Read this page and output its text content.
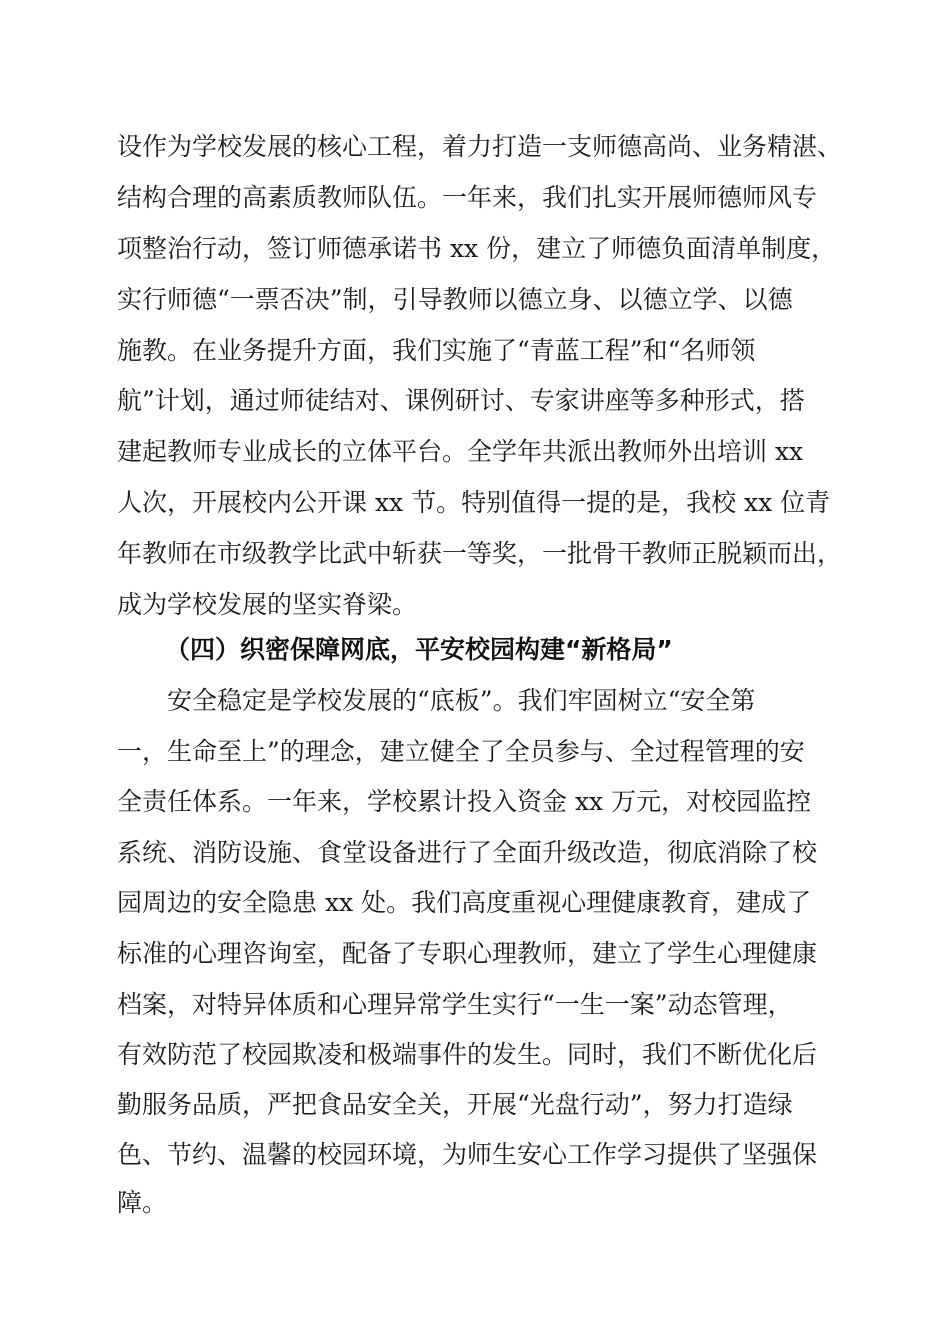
设作为学校发展的核心工程，着力打造一支师德高尚、业务精湛、

结构合理的高素质教师队伍。一年来，我们扎实开展师德师风专

项整治行动，签订师德承诺书 xx 份，建立了师德负面清单制度，

实行师德“一票否决”制，引导教师以德立身、以德立学、以德

施教。在业务提升方面，我们实施了“青蓝工程”和“名师领

航”计划，通过师徒结对、课例研讨、专家讲座等多种形式，搭

建起教师专业成长的立体平台。全学年共派出教师外出培训 xx

人次，开展校内公开课 xx 节。特别值得一提的是，我校 xx 位青

年教师在市级教学比武中斩获一等奖，一批骨干教师正脱颖而出，

成为学校发展的坚实脊梁。

（四）织密保障网底，平安校园构建“新格局”

安全稳定是学校发展的“底板”。我们牢固树立“安全第

一，生命至上”的理念，建立健全了全员参与、全过程管理的安

全责任体系。一年来，学校累计投入资金 xx 万元，对校园监控

系统、消防设施、食堂设备进行了全面升级改造，彻底消除了校

园周边的安全隐患 xx 处。我们高度重视心理健康教育，建成了

标准的心理咨询室，配备了专职心理教师，建立了学生心理健康

档案，对特异体质和心理异常学生实行“一生一案”动态管理，

有效防范了校园欺凌和极端事件的发生。同时，我们不断优化后

勤服务品质，严把食品安全关，开展“光盘行动”，努力打造绿

色、节约、温馨的校园环境，为师生安心工作学习提供了坚强保

障。
